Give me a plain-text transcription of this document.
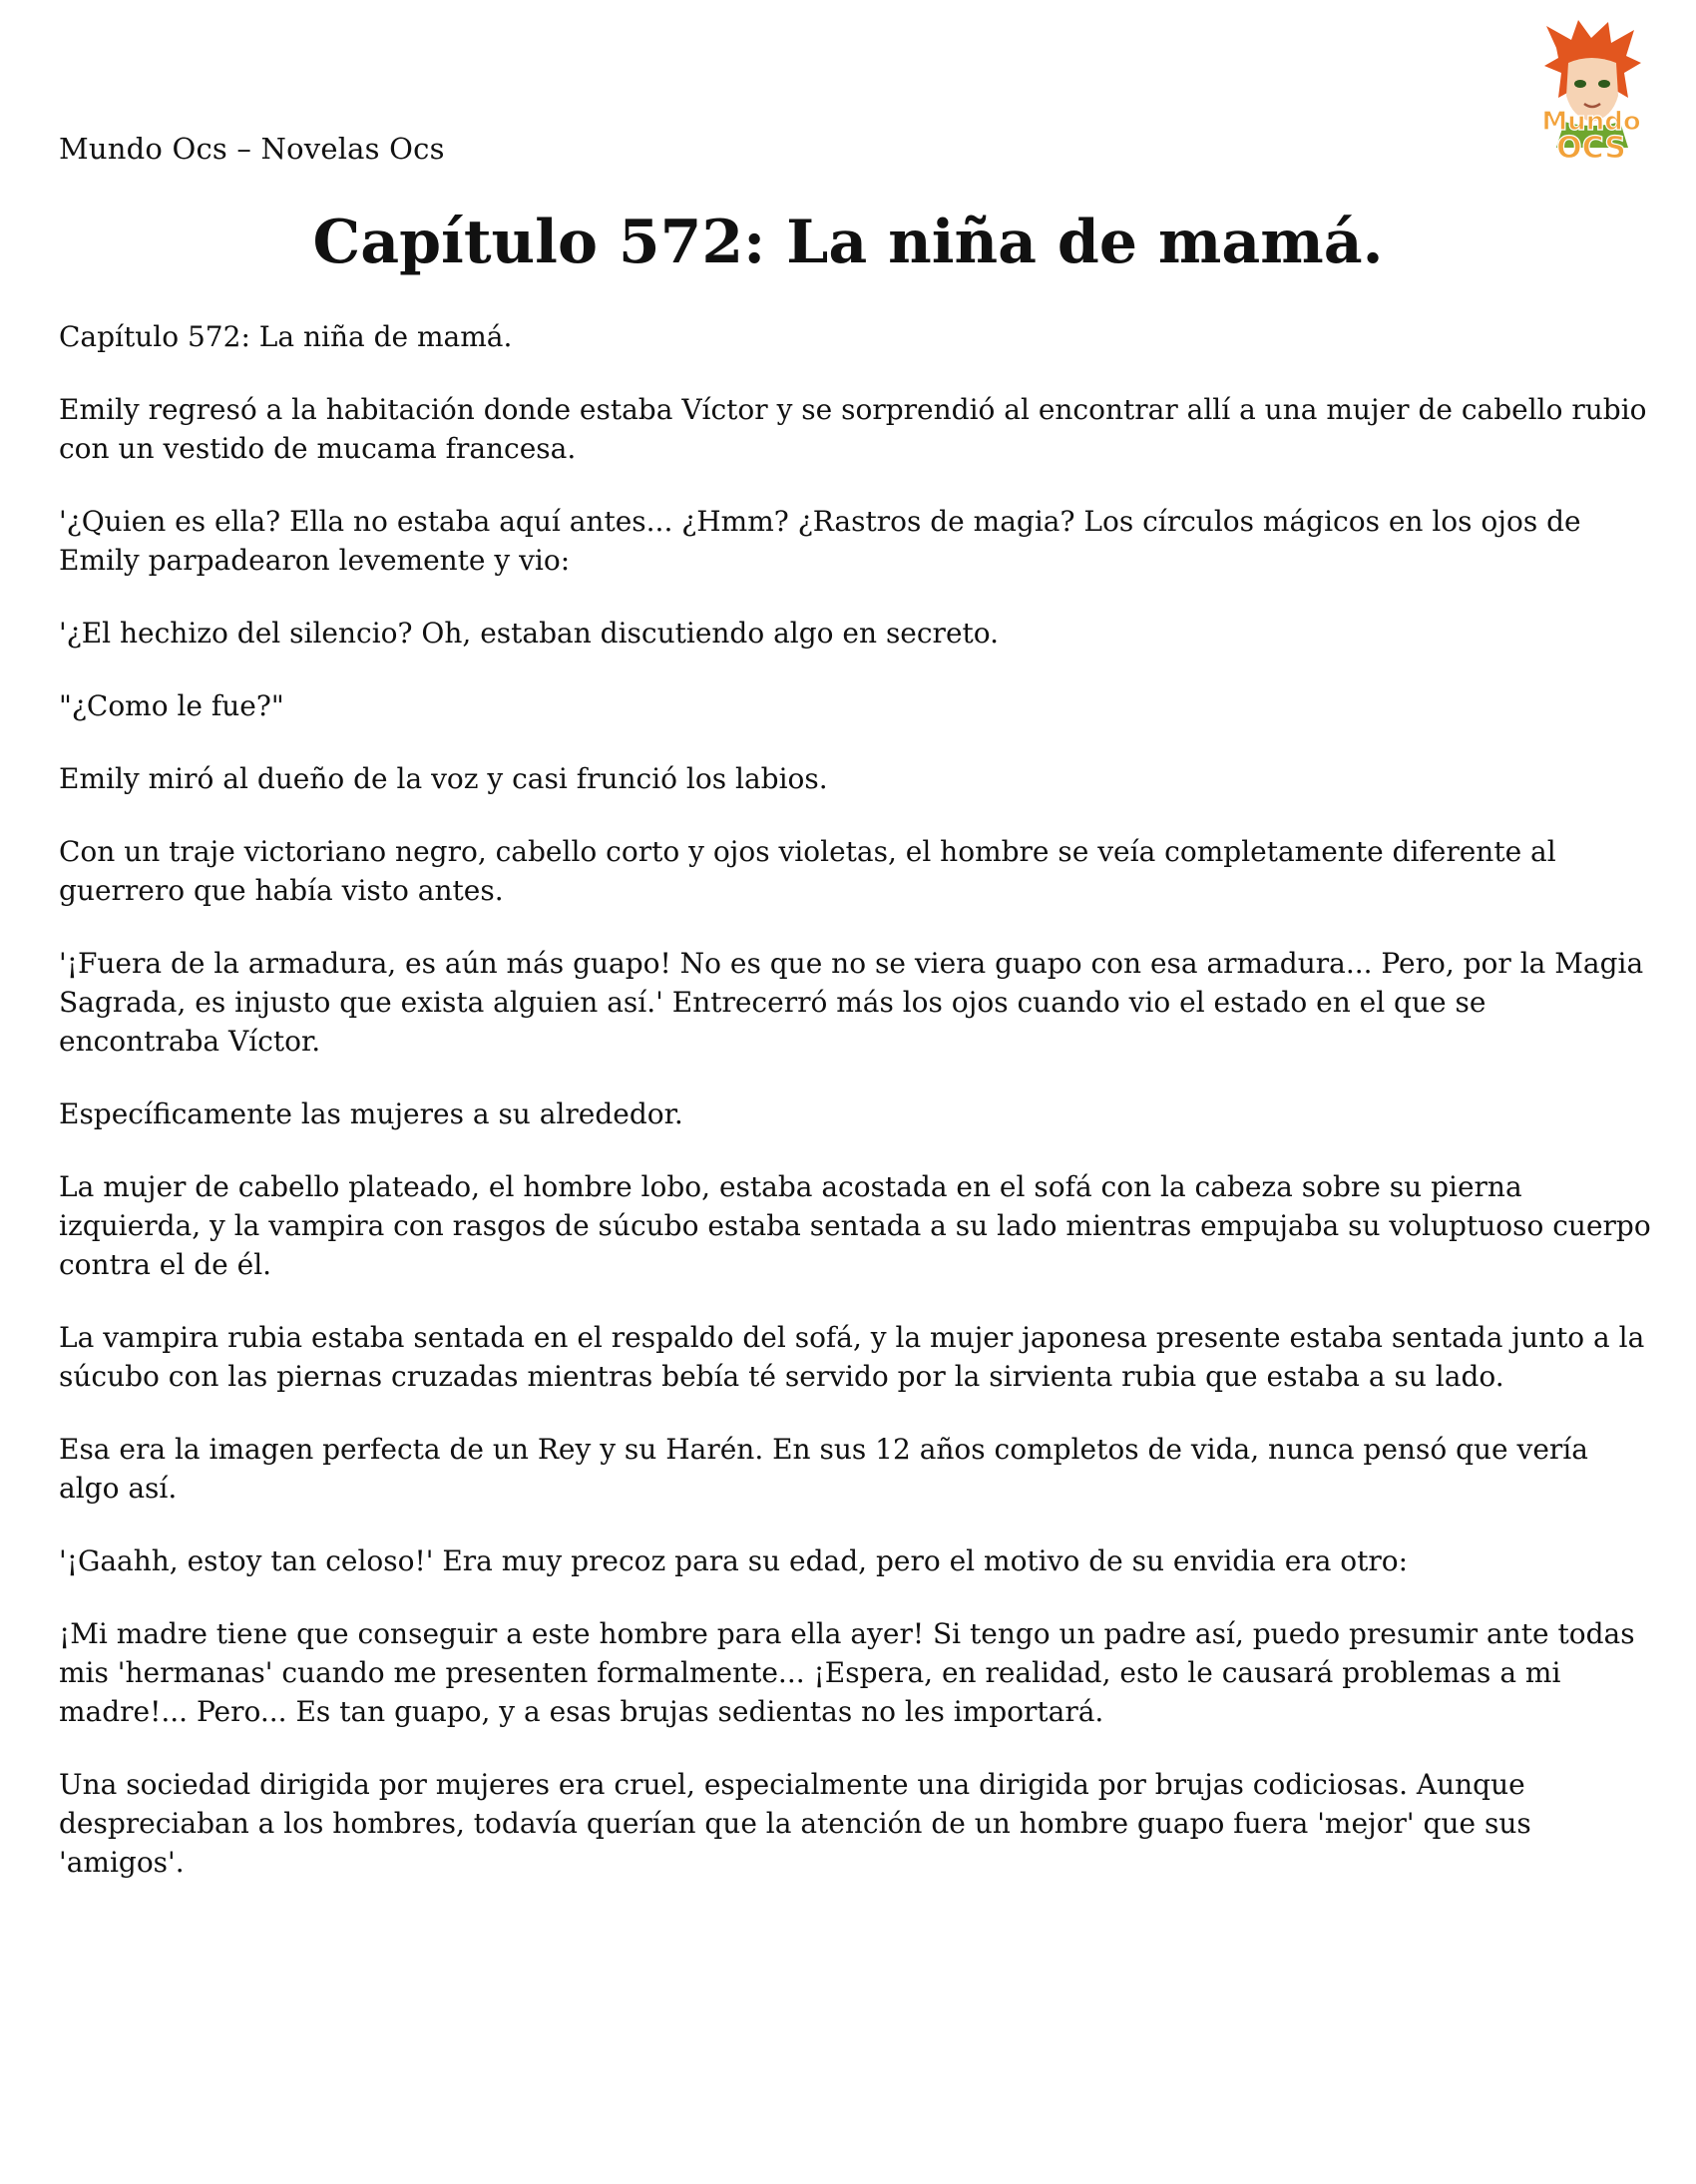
Mundo Ocs – Novelas Ocs

Mundo
OCS
Capítulo 572: La niña de mamá.

Capítulo 572: La niña de mamá.

Emily regresó a la habitación donde estaba Víctor y se sorprendió al encontrar allí a una mujer de cabello rubio con un vestido de mucama francesa.

'¿Quien es ella? Ella no estaba aquí antes... ¿Hmm? ¿Rastros de magia? Los círculos mágicos en los ojos de Emily parpadearon levemente y vio:

'¿El hechizo del silencio? Oh, estaban discutiendo algo en secreto.

"¿Como le fue?"

Emily miró al dueño de la voz y casi frunció los labios.

Con un traje victoriano negro, cabello corto y ojos violetas, el hombre se veía completamente diferente al guerrero que había visto antes.

'¡Fuera de la armadura, es aún más guapo! No es que no se viera guapo con esa armadura... Pero, por la Magia Sagrada, es injusto que exista alguien así.' Entrecerró más los ojos cuando vio el estado en el que se encontraba Víctor.

Específicamente las mujeres a su alrededor.

La mujer de cabello plateado, el hombre lobo, estaba acostada en el sofá con la cabeza sobre su pierna izquierda, y la vampira con rasgos de súcubo estaba sentada a su lado mientras empujaba su voluptuoso cuerpo contra el de él.

La vampira rubia estaba sentada en el respaldo del sofá, y la mujer japonesa presente estaba sentada junto a la súcubo con las piernas cruzadas mientras bebía té servido por la sirvienta rubia que estaba a su lado.

Esa era la imagen perfecta de un Rey y su Harén. En sus 12 años completos de vida, nunca pensó que vería algo así.

'¡Gaahh, estoy tan celoso!' Era muy precoz para su edad, pero el motivo de su envidia era otro:

¡Mi madre tiene que conseguir a este hombre para ella ayer! Si tengo un padre así, puedo presumir ante todas mis 'hermanas' cuando me presenten formalmente... ¡Espera, en realidad, esto le causará problemas a mi madre!... Pero... Es tan guapo, y a esas brujas sedientas no les importará.

Una sociedad dirigida por mujeres era cruel, especialmente una dirigida por brujas codiciosas. Aunque despreciaban a los hombres, todavía querían que la atención de un hombre guapo fuera 'mejor' que sus 'amigos'.
